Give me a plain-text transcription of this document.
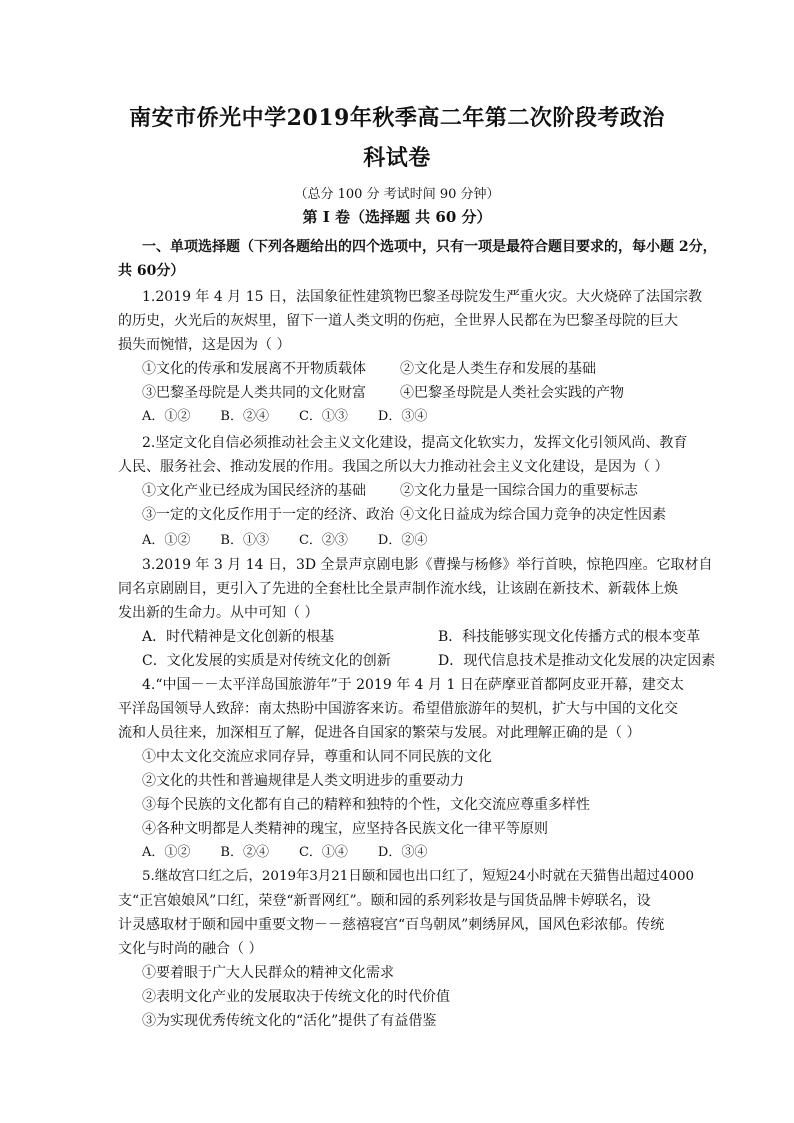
南安市侨光中学2019年秋季高二年第二次阶段考政治
科试卷
（总分 100 分 考试时间 90 分钟）
第 I 卷（选择题 共 60 分）
一、单项选择题（下列各题给出的四个选项中，只有一项是最符合题目要求的，每小题 2分，
共 60分）
1.2019 年 4 月 15 日，法国象征性建筑物巴黎圣母院发生严重火灾。大火烧碎了法国宗教
的历史，火光后的灰烬里，留下一道人类文明的伤疤，全世界人民都在为巴黎圣母院的巨大
损失而惋惜，这是因为（ ）
①文化的传承和发展离不开物质载体 ②文化是人类生存和发展的基础
③巴黎圣母院是人类共同的文化财富 ④巴黎圣母院是人类社会实践的产物
A．①② B．②④ C．①③ D．③④
2.坚定文化自信必须推动社会主义文化建设，提高文化软实力，发挥文化引领风尚、教育
人民、服务社会、推动发展的作用。我国之所以大力推动社会主义文化建设，是因为（ ）
①文化产业已经成为国民经济的基础 ②文化力量是一国综合国力的重要标志
③一定的文化反作用于一定的经济、政治 ④文化日益成为综合国力竞争的决定性因素
A．①② B．①③ C．②③ D．②④
3.2019 年 3 月 14 日，3D 全景声京剧电影《曹操与杨修》举行首映，惊艳四座。它取材自
同名京剧剧目，更引入了先进的全套杜比全景声制作流水线，让该剧在新技术、新载体上焕
发出新的生命力。从中可知（ ）
A．时代精神是文化创新的根基	B．科技能够实现文化传播方式的根本变革
C．文化发展的实质是对传统文化的创新	D．现代信息技术是推动文化发展的决定因素
4.“中国－－太平洋岛国旅游年”于 2019 年 4 月 1 日在萨摩亚首都阿皮亚开幕，建交太
平洋岛国领导人致辞：南太热盼中国游客来访。希望借旅游年的契机，扩大与中国的文化交
流和人员往来，加深相互了解，促进各自国家的繁荣与发展。对此理解正确的是（ ）
①中太文化交流应求同存异，尊重和认同不同民族的文化
②文化的共性和普遍规律是人类文明进步的重要动力
③每个民族的文化都有自己的精粹和独特的个性，文化交流应尊重多样性
④各种文明都是人类精神的瑰宝，应坚持各民族文化一律平等原则
A．①② B．②④ C．①④ D．③④
5.继故宫口红之后，2019年3月21日颐和园也出口红了，短短24小时就在天猫售出超过4000
支“正宫娘娘风”口红，荣登“新晋网红”。颐和园的系列彩妆是与国货品牌卡婷联名，设
计灵感取材于颐和园中重要文物－－慈禧寝宫“百鸟朝凤”刺绣屏风，国风色彩浓郁。传统
文化与时尚的融合（ ）
①要着眼于广大人民群众的精神文化需求
②表明文化产业的发展取决于传统文化的时代价值
③为实现优秀传统文化的“活化”提供了有益借鉴
